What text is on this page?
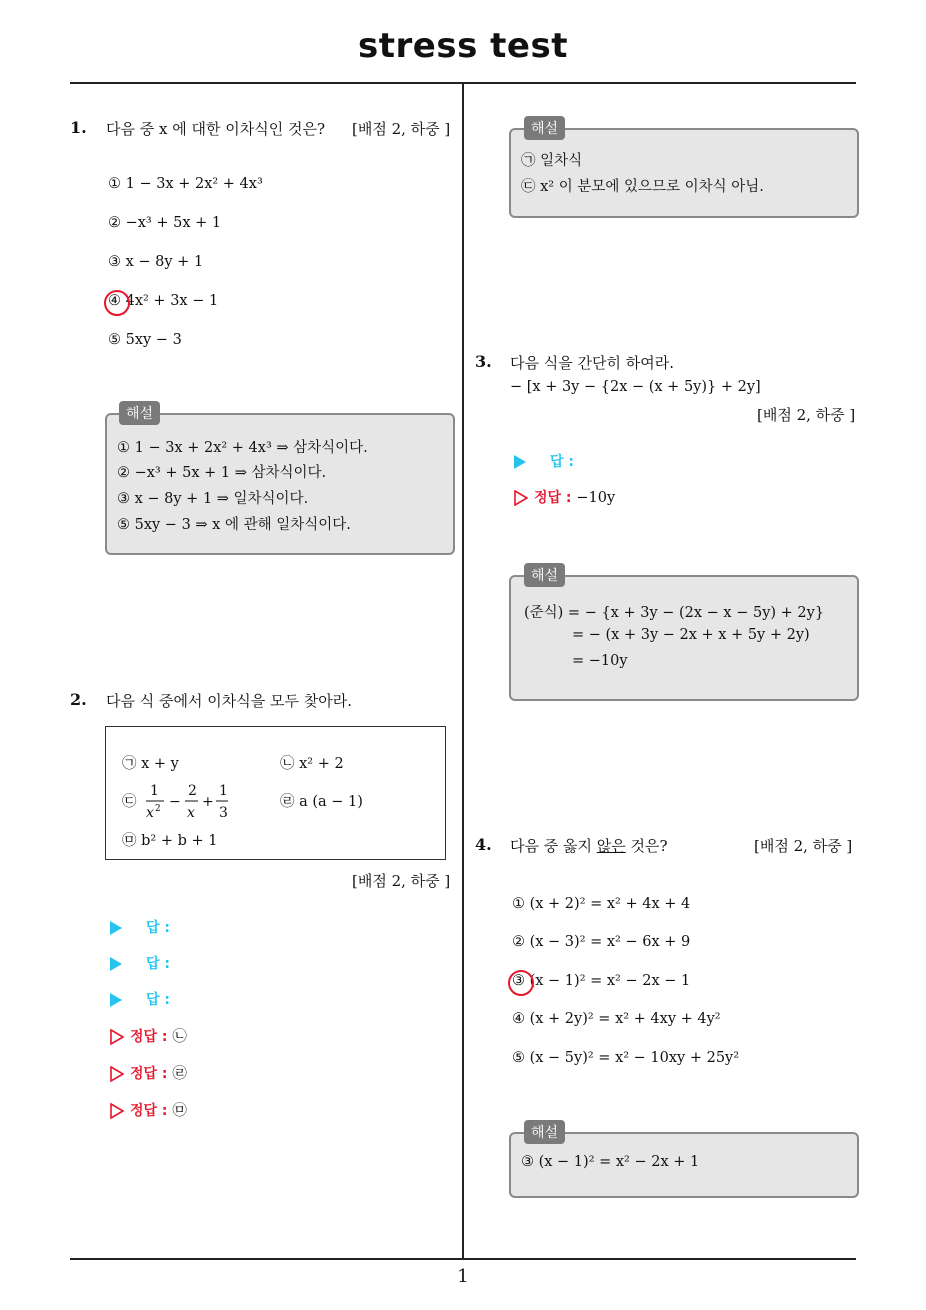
stress test
1
1. 다음 중 x 에 대한 이차식인 것은? [배점 2, 하중 ]
① 1 − 3x + 2x² + 4x³
② −x³ + 5x + 1
③ x − 8y + 1
④ 4x² + 3x − 1
⑤ 5xy − 3
해설
① 1 − 3x + 2x² + 4x³ ⇒ 삼차식이다.
② −x³ + 5x + 1 ⇒ 삼차식이다.
③ x − 8y + 1 ⇒ 일차식이다.
⑤ 5xy − 3 ⇒ x 에 관해 일차식이다.
2. 다음 식 중에서 이차식을 모두 찾아라.
㉠ x + y	㉡ x² + 2
㉢
1
x 2 −
2
x
+
1
3
㉣ a (a − 1)
㉤ b² + b + 1
[배점 2, 하중 ]
답 :
답 :
답 :
정답 : ㉡
정답 : ㉣
정답 : ㉤
해설
㉠ 일차식
㉢ x² 이 분모에 있으므로 이차식 아님.
3. 다음 식을 간단히 하여라.
− [x + 3y − {2x − (x + 5y)} + 2y]
[배점 2, 하중 ]
답 :
정답 : −10y
해설
(준식) = − {x + 3y − (2x − x − 5y) + 2y}
= − (x + 3y − 2x + x + 5y + 2y)
= −10y
4. 다음 중 옳지 않은 것은?	[배점 2, 하중 ]
① (x + 2)² = x² + 4x + 4
② (x − 3)² = x² − 6x + 9
③ (x − 1)² = x² − 2x − 1
④ (x + 2y)² = x² + 4xy + 4y²
⑤ (x − 5y)² = x² − 10xy + 25y²
해설
③ (x − 1)² = x² − 2x + 1
